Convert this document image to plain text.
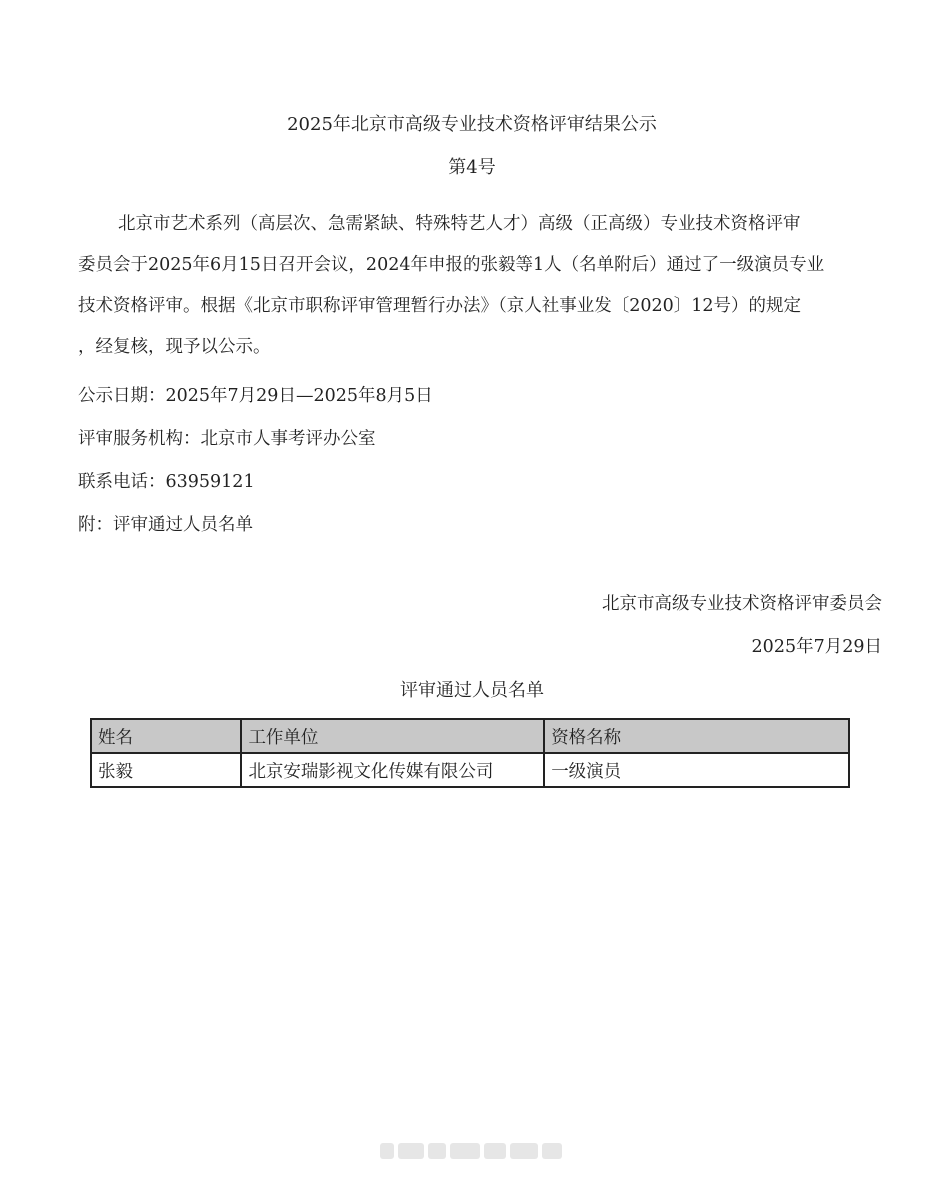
2025年北京市高级专业技术资格评审结果公示
第4号
北京市艺术系列（高层次、急需紧缺、特殊特艺人才）高级（正高级）专业技术资格评审
委员会于2025年6月15日召开会议，2024年申报的张毅等1人（名单附后）通过了一级演员专业
技术资格评审。根据《北京市职称评审管理暂行办法》（京人社事业发〔2020〕12号）的规定
，经复核，现予以公示。
公示日期：2025年7月29日—2025年8月5日
评审服务机构：北京市人事考评办公室
联系电话：63959121
附：评审通过人员名单
北京市高级专业技术资格评审委员会
2025年7月29日
评审通过人员名单
姓名	工作单位	资格名称
张毅	北京安瑞影视文化传媒有限公司	一级演员
